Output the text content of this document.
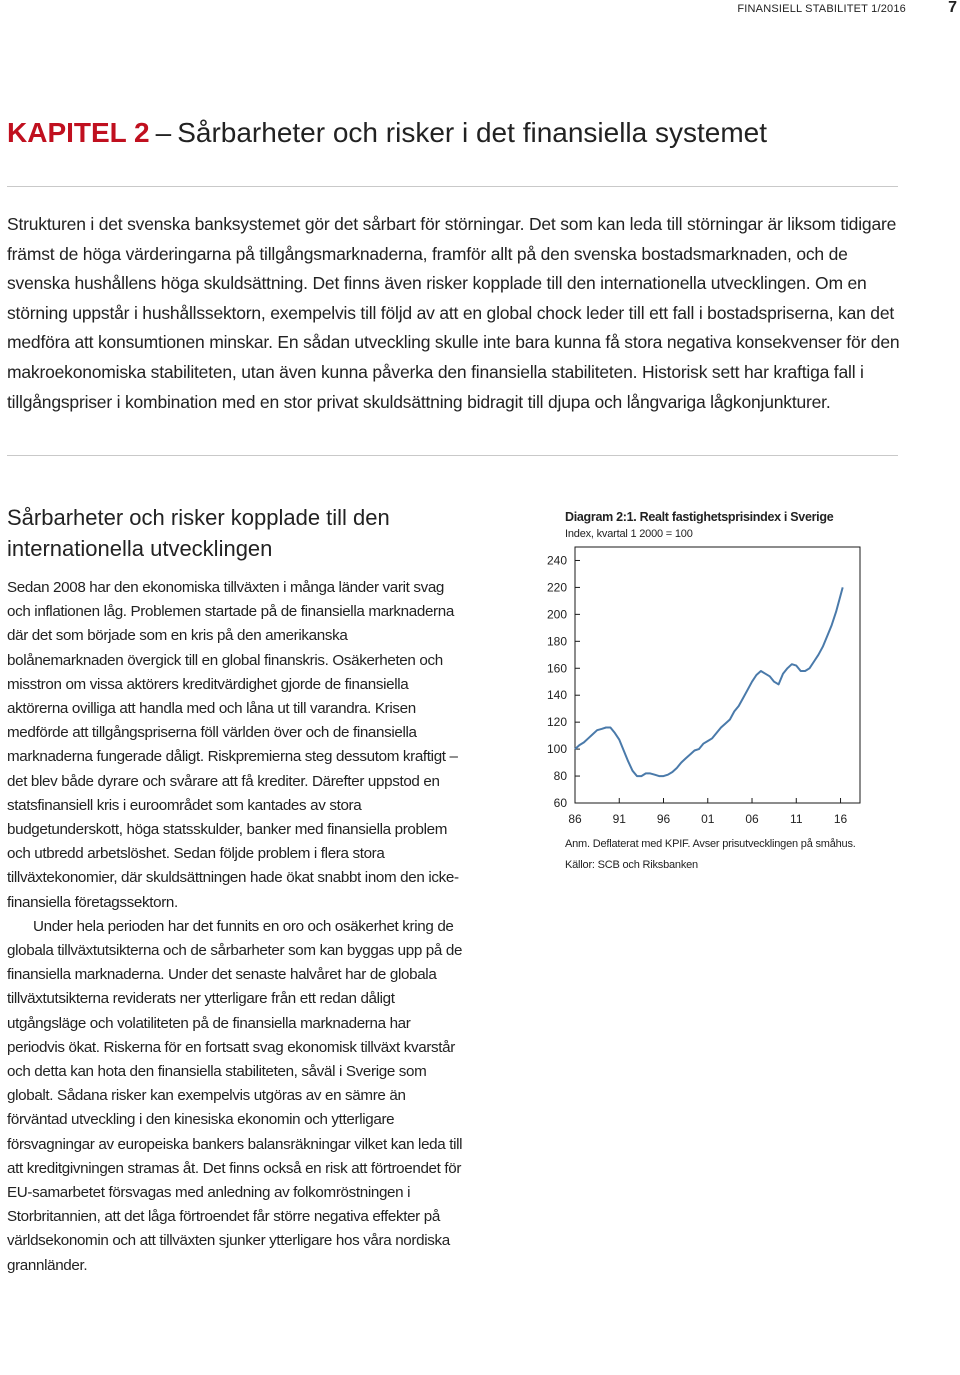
FINANSIELL STABILITET 1/2016	7
KAPITEL 2 – Sårbarheter och risker i det finansiella systemet

Strukturen i det svenska banksystemet gör det sårbart för störningar. Det som kan leda till störningar är liksom tidigare främst de höga värderingarna på tillgångsmarknaderna, framför allt på den svenska bostadsmarknaden, och de svenska hushållens höga skuldsättning. Det finns även risker kopplade till den internationella utvecklingen. Om en störning uppstår i hushållssektorn, exempelvis till följd av att en global chock leder till ett fall i bostadspriserna, kan det medföra att konsumtionen minskar. En sådan utveckling skulle inte bara kunna få stora negativa konsekvenser för den makroekonomiska stabiliteten, utan även kunna påverka den finansiella stabiliteten. Historisk sett har kraftiga fall i tillgångspriser i kombination med en stor privat skuldsättning bidragit till djupa och långvariga lågkonjunkturer.

Sårbarheter och risker kopplade till den internationella utvecklingen

Sedan 2008 har den ekonomiska tillväxten i många länder varit svag och inflationen låg. Problemen startade på de finansiella marknaderna där det som började som en kris på den amerikanska bolånemarknaden övergick till en global finanskris. Osäkerheten och misstron om vissa aktörers kreditvärdighet gjorde de finansiella aktörerna ovilliga att handla med och låna ut till varandra. Krisen medförde att tillgångspriserna föll världen över och de finansiella marknaderna fungerade dåligt. Riskpremierna steg dessutom kraftigt – det blev både dyrare och svårare att få krediter. Därefter uppstod en statsfinansiell kris i euroområdet som kantades av stora budgetunderskott, höga statsskulder, banker med finansiella problem och utbredd arbetslöshet. Sedan följde problem i flera stora tillväxtekonomier, där skuldsättningen hade ökat snabbt inom den icke-finansiella företagssektorn.

Under hela perioden har det funnits en oro och osäkerhet kring de globala tillväxtutsikterna och de sårbarheter som kan byggas upp på de finansiella marknaderna. Under det senaste halvåret har de globala tillväxtutsikterna reviderats ner ytterligare från ett redan dåligt utgångsläge och volatiliteten på de finansiella marknaderna har periodvis ökat. Riskerna för en fortsatt svag ekonomisk tillväxt kvarstår och detta kan hota den finansiella stabiliteten, såväl i Sverige som globalt. Sådana risker kan exempelvis utgöras av en sämre än förväntad utveckling i den kinesiska ekonomin och ytterligare försvagningar av europeiska bankers balansräkningar vilket kan leda till att kreditgivningen stramas åt. Det finns också en risk att förtroendet för EU-samarbetet försvagas med anledning av folkomröstningen i Storbritannien, att det låga förtroendet får större negativa effekter på världsekonomin och att tillväxten sjunker ytterligare hos våra nordiska grannländer.

Diagram 2:1. Realt fastighetsprisindex i Sverige
Index, kvartal 1 2000 = 100
60
80
100
120
140
160
180
200
220
240
86	91	96	01	06	11	16
Anm. Deflaterat med KPIF. Avser prisutvecklingen på småhus.
Källor: SCB och Riksbanken
